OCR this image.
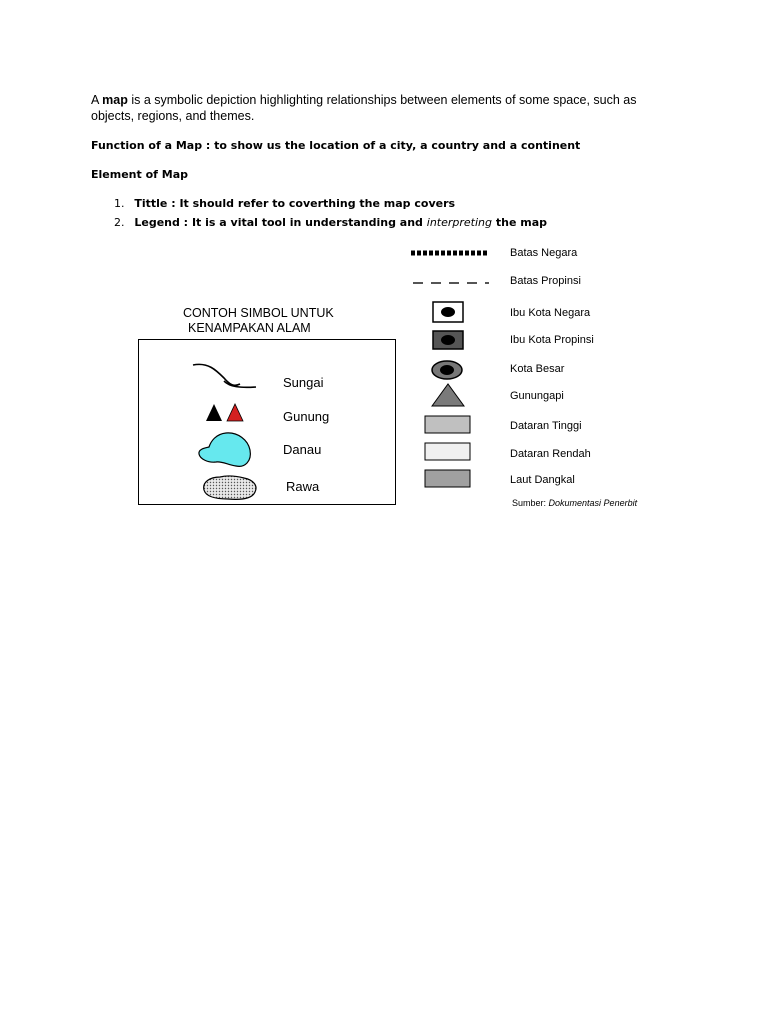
A map is a symbolic depiction highlighting relationships between elements of some space, such as objects, regions, and themes.
Function of a Map : to show us the location of a city, a country and a continent
Element of Map
1. Tittle : It should refer to coverthing the map covers
2. Legend : It is a vital tool in understanding and interpreting the map
CONTOH SIMBOL UNTUK
KENAMPAKAN ALAM
Sungai
Gunung
Danau
Rawa
Batas Negara
Batas Propinsi
Ibu Kota Negara
Ibu Kota Propinsi
Kota Besar
Gunungapi
Dataran Tinggi
Dataran Rendah
Laut Dangkal
Sumber: Dokumentasi Penerbit
